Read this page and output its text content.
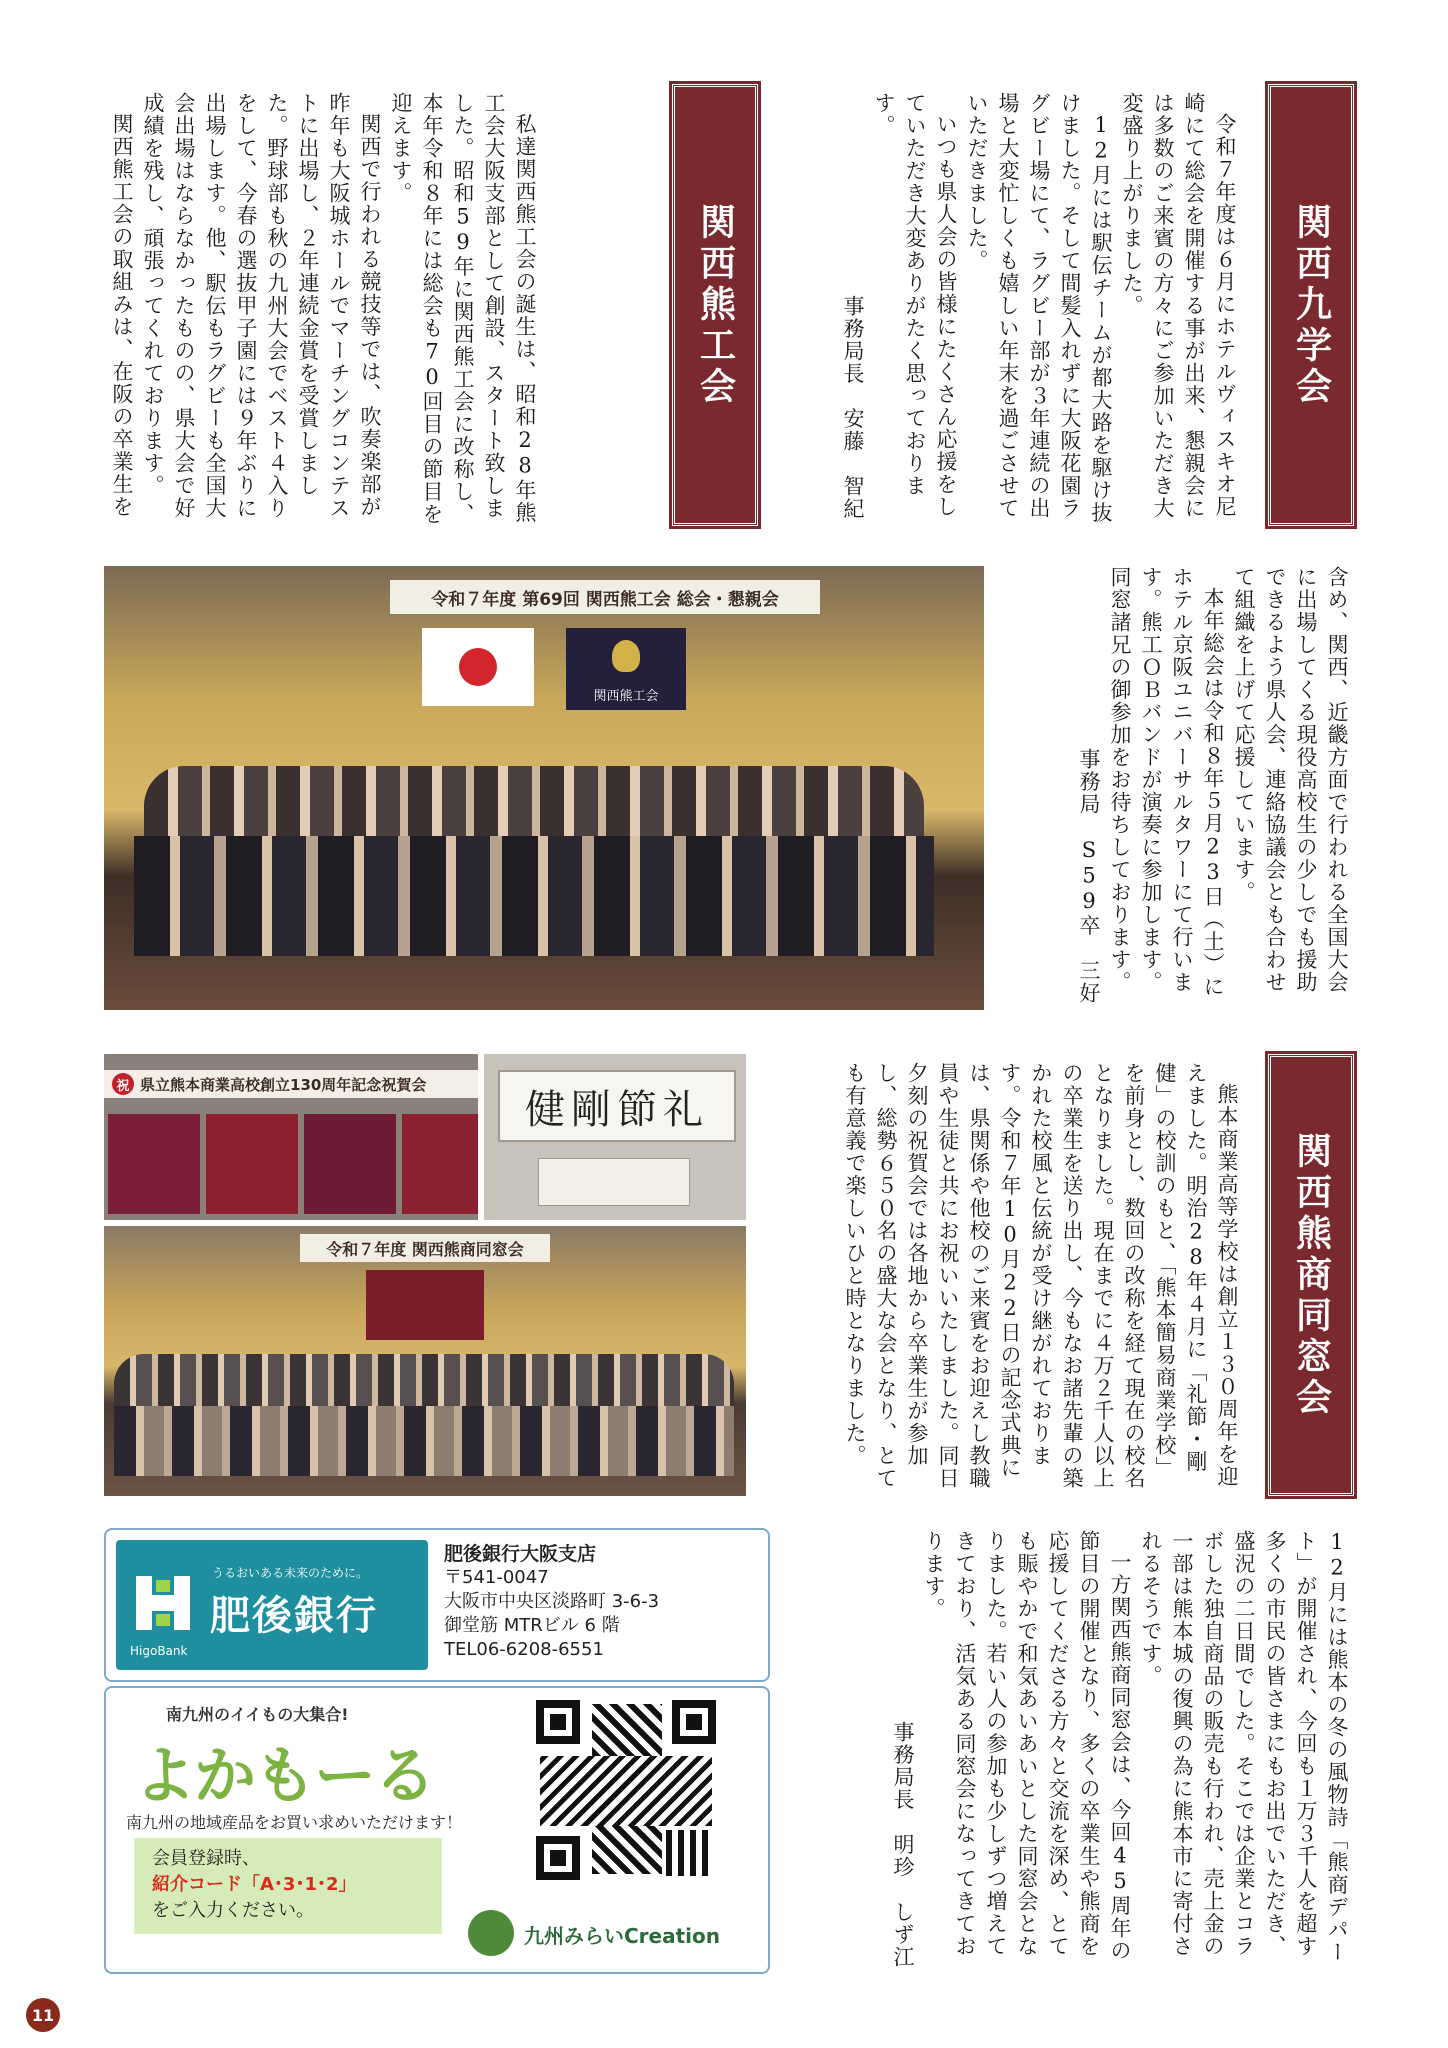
関西九学会

令和７年度は６月にホテルヴィスキオ尼崎にて総会を開催する事が出来、懇親会には多数のご来賓の方々にご参加いただき大変盛り上がりました。

12月には駅伝チームが都大路を駆け抜けました。そして間髪入れずに大阪花園ラグビー場にて、ラグビー部が３年連続の出場と大変忙しくも嬉しい年末を過ごさせていただきました。

いつも県人会の皆様にたくさん応援をしていただき大変ありがたく思っております。

事務局長　安藤　智紀

関西熊工会

私達関西熊工会の誕生は、昭和28年熊工会大阪支部として創設、スタート致しました。昭和59年に関西熊工会に改称し、本年令和８年には総会も70回目の節目を迎えます。

関西で行われる競技等では、吹奏楽部が昨年も大阪城ホールでマーチングコンテストに出場し、２年連続金賞を受賞しました。野球部も秋の九州大会でベスト４入りをして、今春の選抜甲子園には９年ぶりに出場します。他、駅伝もラグビーも全国大会出場はならなかったものの、県大会で好成績を残し、頑張ってくれております。

関西熊工会の取組みは、在阪の卒業生を

含め、関西、近畿方面で行われる全国大会に出場してくる現役高校生の少しでも援助できるよう県人会、連絡協議会とも合わせて組織を上げて応援しています。

本年総会は令和８年５月23日（土）にホテル京阪ユニバーサルタワーにて行います。熊工ＯＢバンドが演奏に参加します。同窓諸兄の御参加をお待ちしております。

事務局　S59卒　三好

令和７年度 第69回 関西熊工会 総会・懇親会
関西熊工会
関西熊商同窓会

熊本商業高等学校は創立１３０周年を迎えました。明治28年４月に「礼節・剛健」の校訓のもと、「熊本簡易商業学校」を前身とし、数回の改称を経て現在の校名となりました。現在までに４万２千人以上の卒業生を送り出し、今もなお諸先輩の築かれた校風と伝統が受け継がれております。令和７年10月22日の記念式典には、県関係や他校のご来賓をお迎えし教職員や生徒と共にお祝いいたしました。同日夕刻の祝賀会では各地から卒業生が参加し、総勢６５０名の盛大な会となり、とても有意義で楽しいひと時となりました。

12月には熊本の冬の風物詩「熊商デパート」が開催され、今回も１万３千人を超す多くの市民の皆さまにもお出でいただき、盛況の二日間でした。そこでは企業とコラボした独自商品の販売も行われ、売上金の一部は熊本城の復興の為に熊本市に寄付されるそうです。

一方関西熊商同窓会は、今回45周年の節目の開催となり、多くの卒業生や熊商を応援してくださる方々と交流を深め、とても賑やかで和気あいあいとした同窓会となりました。若い人の参加も少しずつ増えてきており、活気ある同窓会になってきております。

事務局長　明珍　しず江

祝 県立熊本商業高校創立130周年記念祝賀会
礼節剛健
令和７年度 関西熊商同窓会
うるおいある未来のために。
肥後銀行
HigoBank
肥後銀行大阪支店
〒541-0047
大阪市中央区淡路町 3-6-3
御堂筋 MTRビル 6 階
TEL06-6208-6551
南九州のイイもの大集合!
よかもーる
南九州の地域産品をお買い求めいただけます！
会員登録時、
紹介コード「A･3･1･2」
をご入力ください。
九州みらいCreation
11
